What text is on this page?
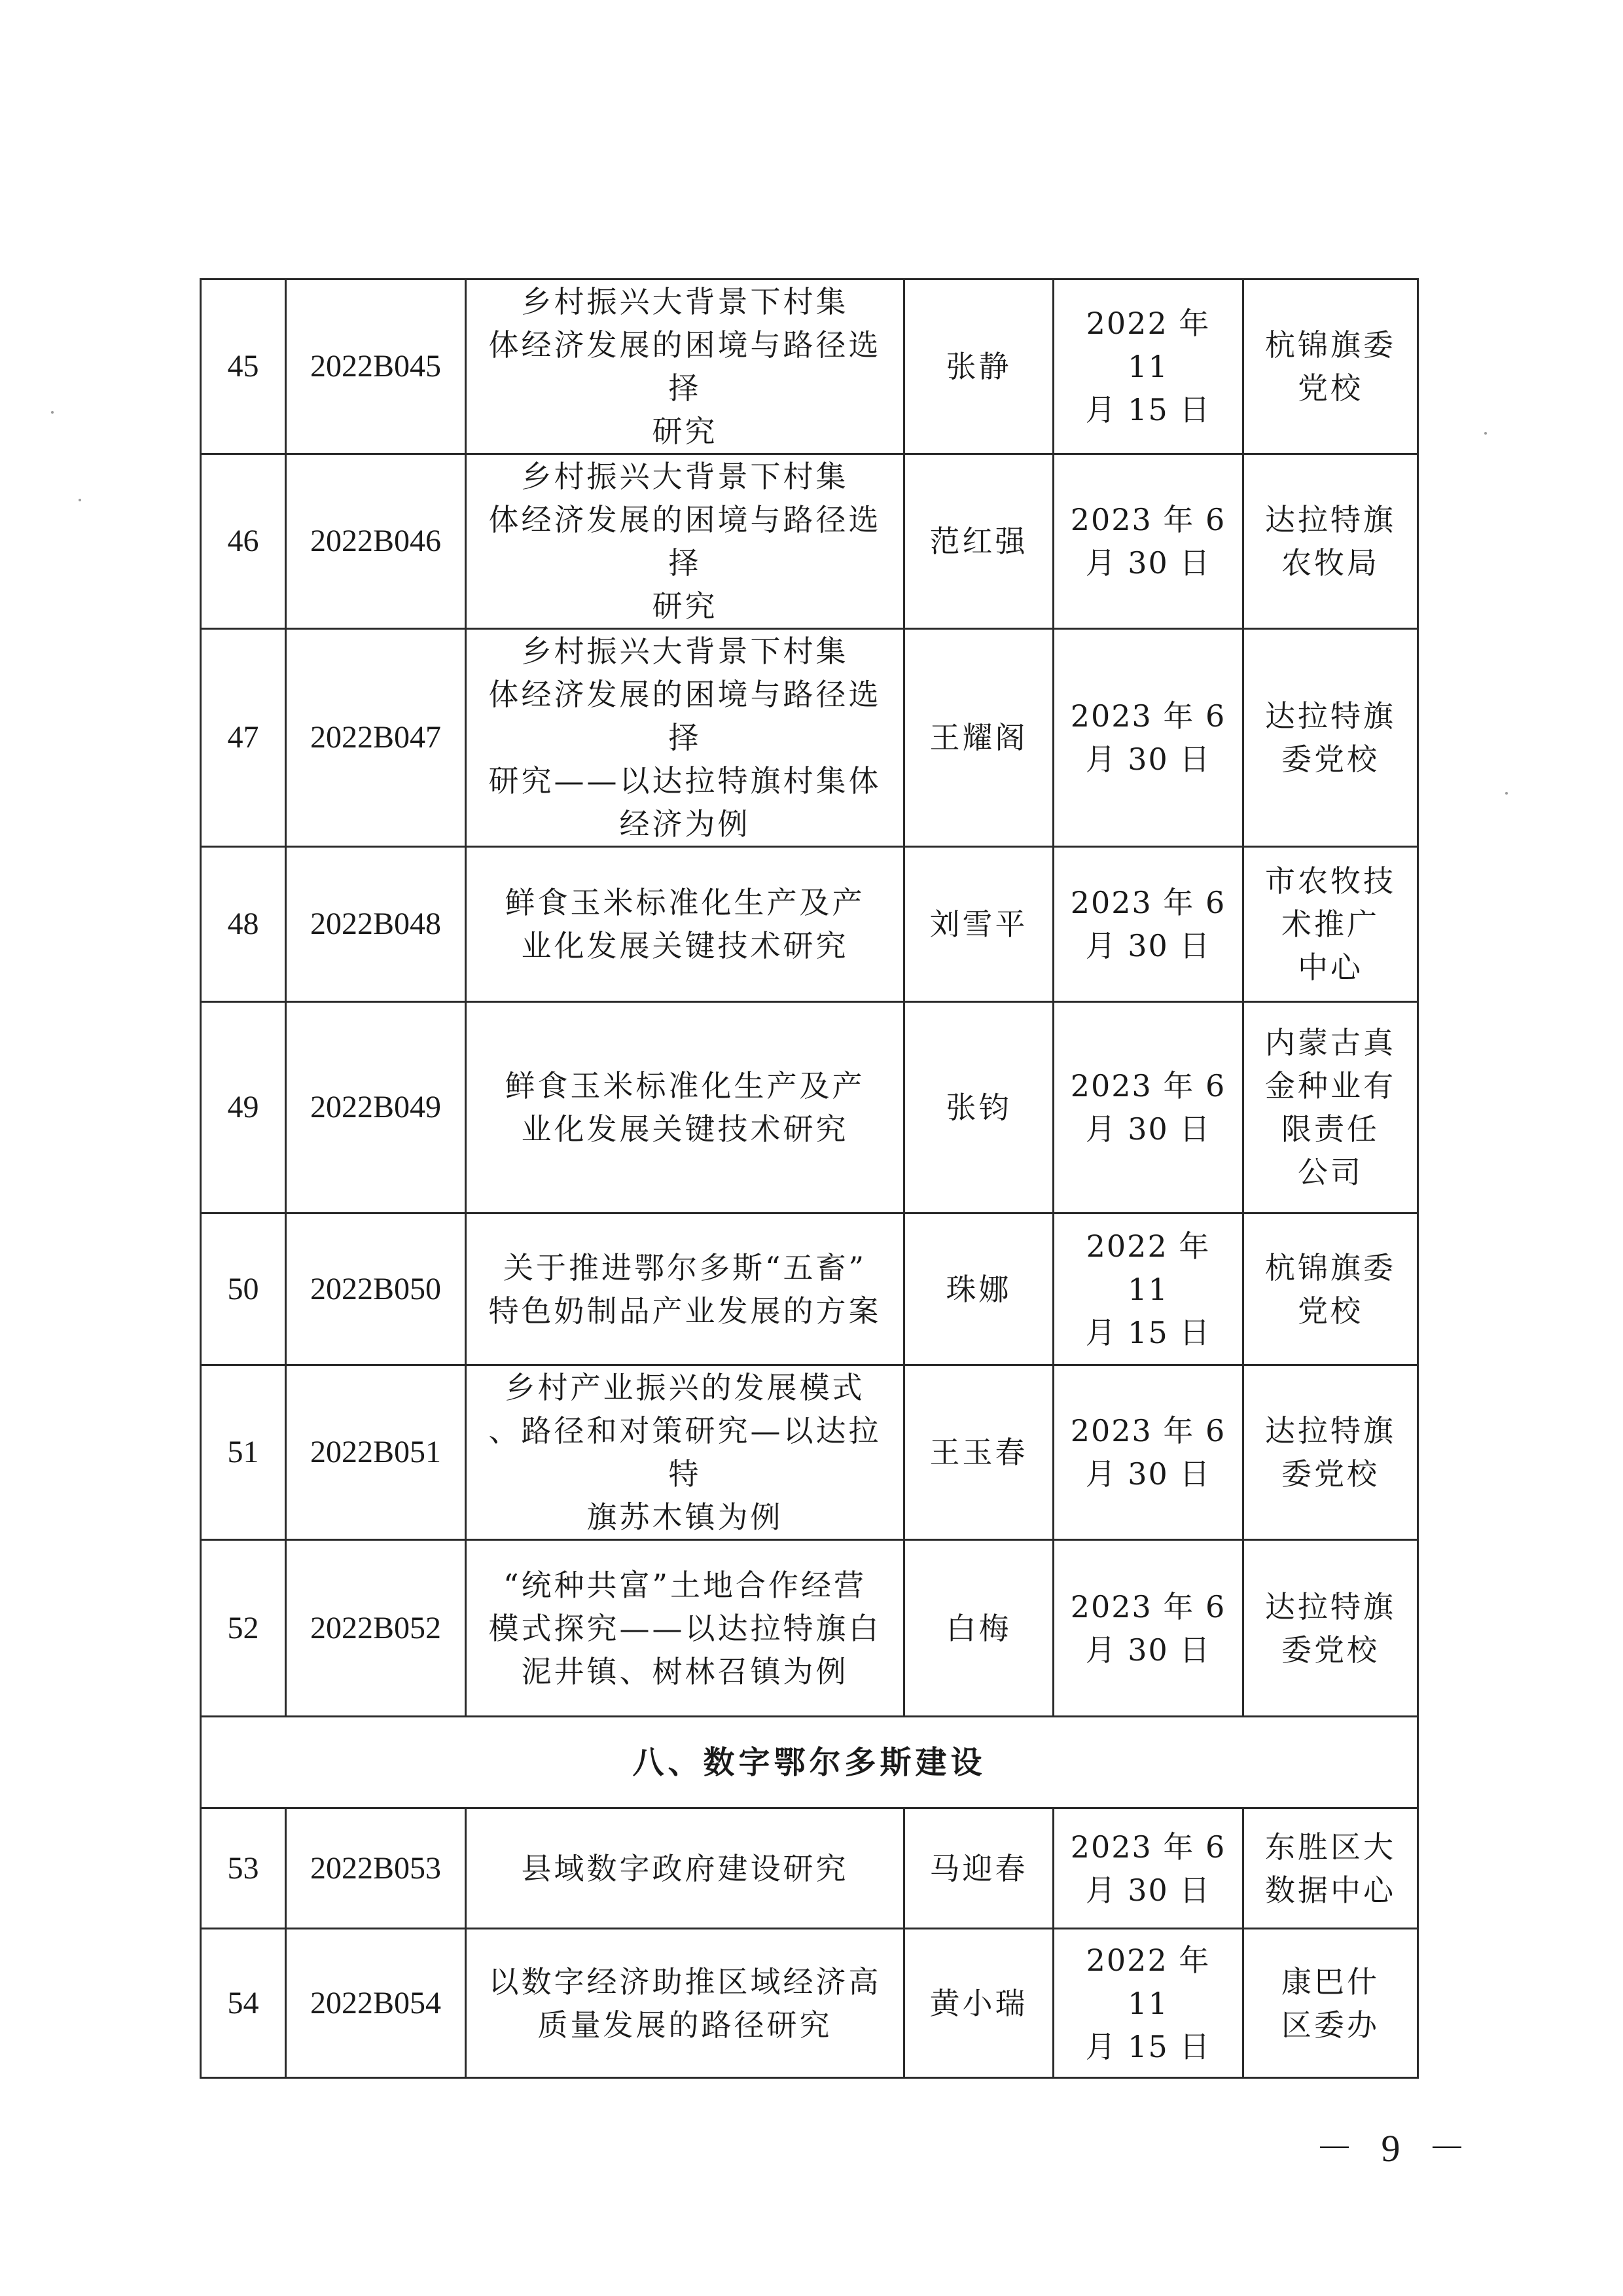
45	2022B045	乡村振兴大背景下村集
体经济发展的困境与路径选择
研究	张静	2022 年 11
月 15 日	杭锦旗委
党校
46	2022B046	乡村振兴大背景下村集
体经济发展的困境与路径选择
研究	范红强	2023 年 6
月 30 日	达拉特旗
农牧局
47	2022B047	乡村振兴大背景下村集
体经济发展的困境与路径选择
研究——以达拉特旗村集体
经济为例	王耀阁	2023 年 6
月 30 日	达拉特旗
委党校
48	2022B048	鲜食玉米标准化生产及产
业化发展关键技术研究	刘雪平	2023 年 6
月 30 日	市农牧技
术推广
中心
49	2022B049	鲜食玉米标准化生产及产
业化发展关键技术研究	张钧	2023 年 6
月 30 日	内蒙古真
金种业有
限责任
公司
50	2022B050	关于推进鄂尔多斯“五畜”
特色奶制品产业发展的方案	珠娜	2022 年 11
月 15 日	杭锦旗委
党校
51	2022B051	乡村产业振兴的发展模式
、路径和对策研究—以达拉特
旗苏木镇为例	王玉春	2023 年 6
月 30 日	达拉特旗
委党校
52	2022B052	“统种共富”土地合作经营
模式探究——以达拉特旗白
泥井镇、树林召镇为例	白梅	2023 年 6
月 30 日	达拉特旗
委党校
八、数字鄂尔多斯建设					
53	2022B053	县域数字政府建设研究	马迎春	2023 年 6
月 30 日	东胜区大
数据中心
54	2022B054	以数字经济助推区域经济高
质量发展的路径研究	黄小瑞	2022 年 11
月 15 日	康巴什
区委办
－ 9 －
